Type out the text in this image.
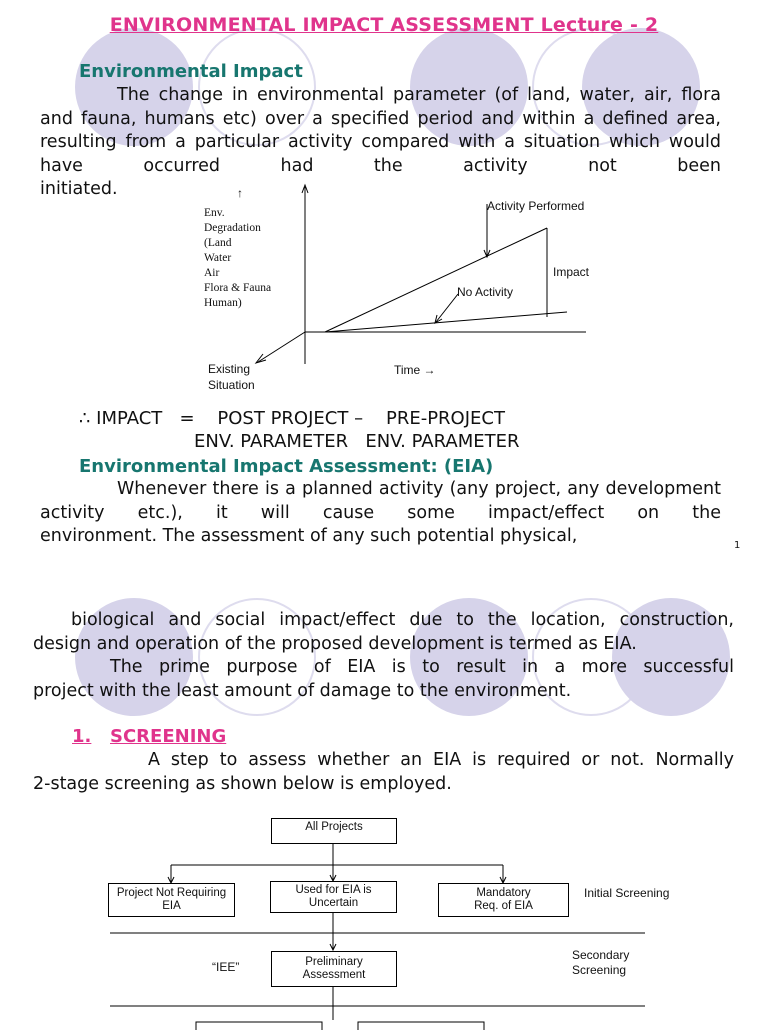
ENVIRONMENTAL IMPACT ASSESSMENT Lecture - 2
Environmental Impact
The change in environmental parameter (of land, water, air, flora and fauna, humans etc) over a specified period and within a defined area, resulting from a particular activity compared with a situation which would have occurred had the activity not been
initiated.	↑
Env.
Degradation
(Land
Water
Air
Flora & Fauna
Human)
Activity Performed
Impact
No Activity
Existing
Situation
Time →
∴ IMPACT   =    POST PROJECT –    PRE-PROJECT
ENV. PARAMETER   ENV. PARAMETER
Environmental Impact Assessment: (EIA)
Whenever there is a planned activity (any project, any development activity etc.), it will cause some impact/effect on the
environment. The assessment of any such potential physical,	1
biological and social impact/effect due to the location, construction,
design and operation of the proposed development is termed as EIA.
The prime purpose of EIA is to result in a more successful
project with the least amount of damage to the environment.
1. SCREENING
A step to assess whether an EIA is required or not. Normally
2-stage screening as shown below is employed.
All Projects
Project Not Requiring EIA
Used for EIA is Uncertain
Mandatory Req. of EIA
Initial Screening
“IEE”	Preliminary Assessment
Secondary Screening
